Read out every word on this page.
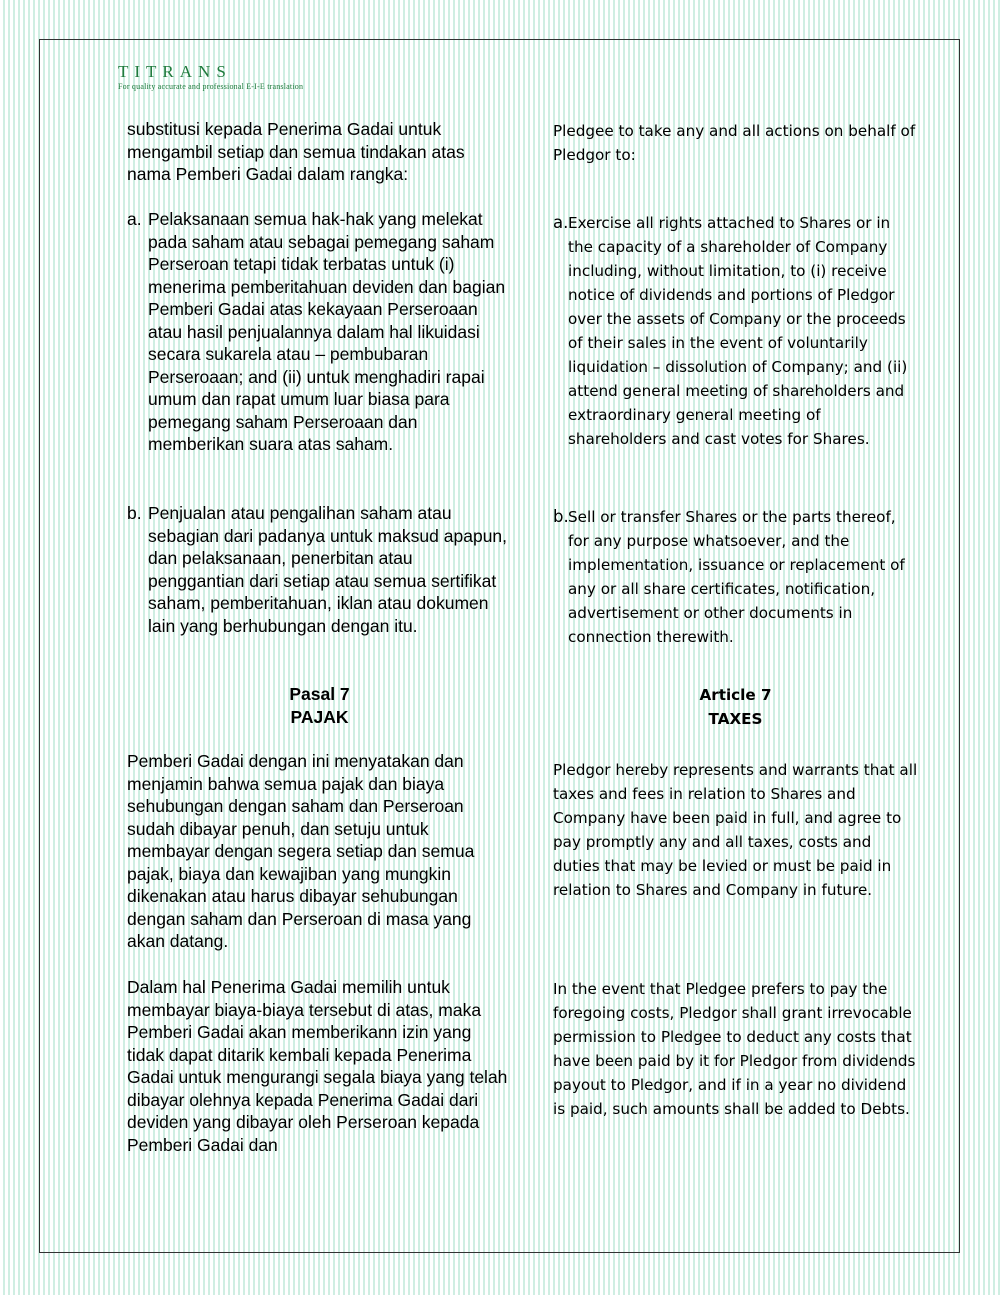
TITRANS
For quality accurate and professional E-I-E translation

substitusi kepada Penerima Gadai untuk mengambil setiap dan semua tindakan atas nama Pemberi Gadai dalam rangka:

a. Pelaksanaan semua hak-hak yang melekat pada saham atau sebagai pemegang saham Perseroan tetapi tidak terbatas untuk (i) menerima pemberitahuan deviden dan bagian Pemberi Gadai atas kekayaan Perseroaan atau hasil penjualannya dalam hal likuidasi secara sukarela atau – pembubaran Perseroaan; and (ii) untuk menghadiri rapai umum dan rapat umum luar biasa para pemegang saham Perseroaan dan memberikan suara atas saham.
b. Penjualan atau pengalihan saham atau sebagian dari padanya untuk maksud apapun, dan pelaksanaan, penerbitan atau penggantian dari setiap atau semua sertifikat saham, pemberitahuan, iklan atau dokumen lain yang berhubungan dengan itu.
Pasal 7
PAJAK

Pemberi Gadai dengan ini menyatakan dan menjamin bahwa semua pajak dan biaya sehubungan dengan saham dan Perseroan sudah dibayar penuh, dan setuju untuk membayar dengan segera setiap dan semua pajak, biaya dan kewajiban yang mungkin dikenakan atau harus dibayar sehubungan dengan saham dan Perseroan di masa yang akan datang.

Dalam hal Penerima Gadai memilih untuk membayar biaya-biaya tersebut di atas, maka Pemberi Gadai akan memberikann izin yang tidak dapat ditarik kembali kepada Penerima Gadai untuk mengurangi segala biaya yang telah dibayar olehnya kepada Penerima Gadai dari deviden yang dibayar oleh Perseroan kepada Pemberi Gadai dan

Pledgee to take any and all actions on behalf of Pledgor to:

a. Exercise all rights attached to Shares or in the capacity of a shareholder of Company including, without limitation, to (i) receive notice of dividends and portions of Pledgor over the assets of Company or the proceeds of their sales in the event of voluntarily liquidation – dissolution of Company; and (ii) attend general meeting of shareholders and extraordinary general meeting of shareholders and cast votes for Shares.
b. Sell or transfer Shares or the parts thereof, for any purpose whatsoever, and the implementation, issuance or replacement of any or all share certificates, notification, advertisement or other documents in connection therewith.
Article 7
TAXES

Pledgor hereby represents and warrants that all taxes and fees in relation to Shares and Company have been paid in full, and agree to pay promptly any and all taxes, costs and duties that may be levied or must be paid in relation to Shares and Company in future.

In the event that Pledgee prefers to pay the foregoing costs, Pledgor shall grant irrevocable permission to Pledgee to deduct any costs that have been paid by it for Pledgor from dividends payout to Pledgor, and if in a year no dividend is paid, such amounts shall be added to Debts.
